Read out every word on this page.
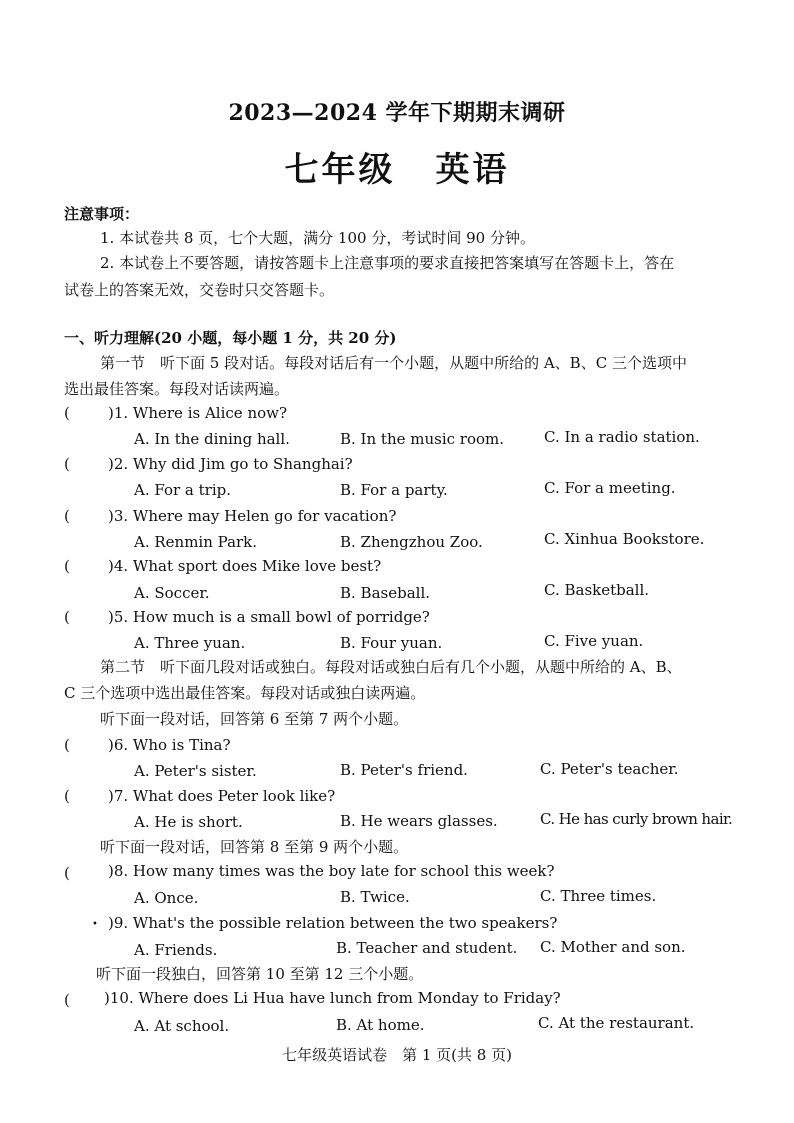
2023—2024 学年下期期末调研
七年级 英语
注意事项：
1. 本试卷共 8 页，七个大题，满分 100 分，考试时间 90 分钟。
2. 本试卷上不要答题，请按答题卡上注意事项的要求直接把答案填写在答题卡上，答在
试卷上的答案无效，交卷时只交答题卡。
一、听力理解(20 小题，每小题 1 分，共 20 分)
第一节　听下面 5 段对话。每段对话后有一个小题，从题中所给的 A、B、C 三个选项中
选出最佳答案。每段对话读两遍。
(	)1. Where is Alice now?
A. In the dining hall.	B. In the music room.	C. In a radio station.
(	)2. Why did Jim go to Shanghai?
A. For a trip.	B. For a party.	C. For a meeting.
(	)3. Where may Helen go for vacation?
A. Renmin Park.	B. Zhengzhou Zoo.	C. Xinhua Bookstore.
(	)4. What sport does Mike love best?
A. Soccer.	B. Baseball.	C. Basketball.
(	)5. How much is a small bowl of porridge?
A. Three yuan.	B. Four yuan.	C. Five yuan.
第二节　听下面几段对话或独白。每段对话或独白后有几个小题，从题中所给的 A、B、
C 三个选项中选出最佳答案。每段对话或独白读两遍。
听下面一段对话，回答第 6 至第 7 两个小题。
(	)6. Who is Tina?
A. Peter's sister.	B. Peter's friend.	C. Peter's teacher.
(	)7. What does Peter look like?
A. He is short.	B. He wears glasses.	C. He has curly brown hair.
听下面一段对话，回答第 8 至第 9 两个小题。
(	)8. How many times was the boy late for school this week?
A. Once.	B. Twice.	C. Three times.
• )9. What's the possible relation between the two speakers?
A. Friends.	B. Teacher and student. C. Mother and son.
听下面一段独白，回答第 10 至第 12 三个小题。
( )10. Where does Li Hua have lunch from Monday to Friday?
A. At school.	B. At home.	C. At the restaurant.
七年级英语试卷　第 1 页(共 8 页)
